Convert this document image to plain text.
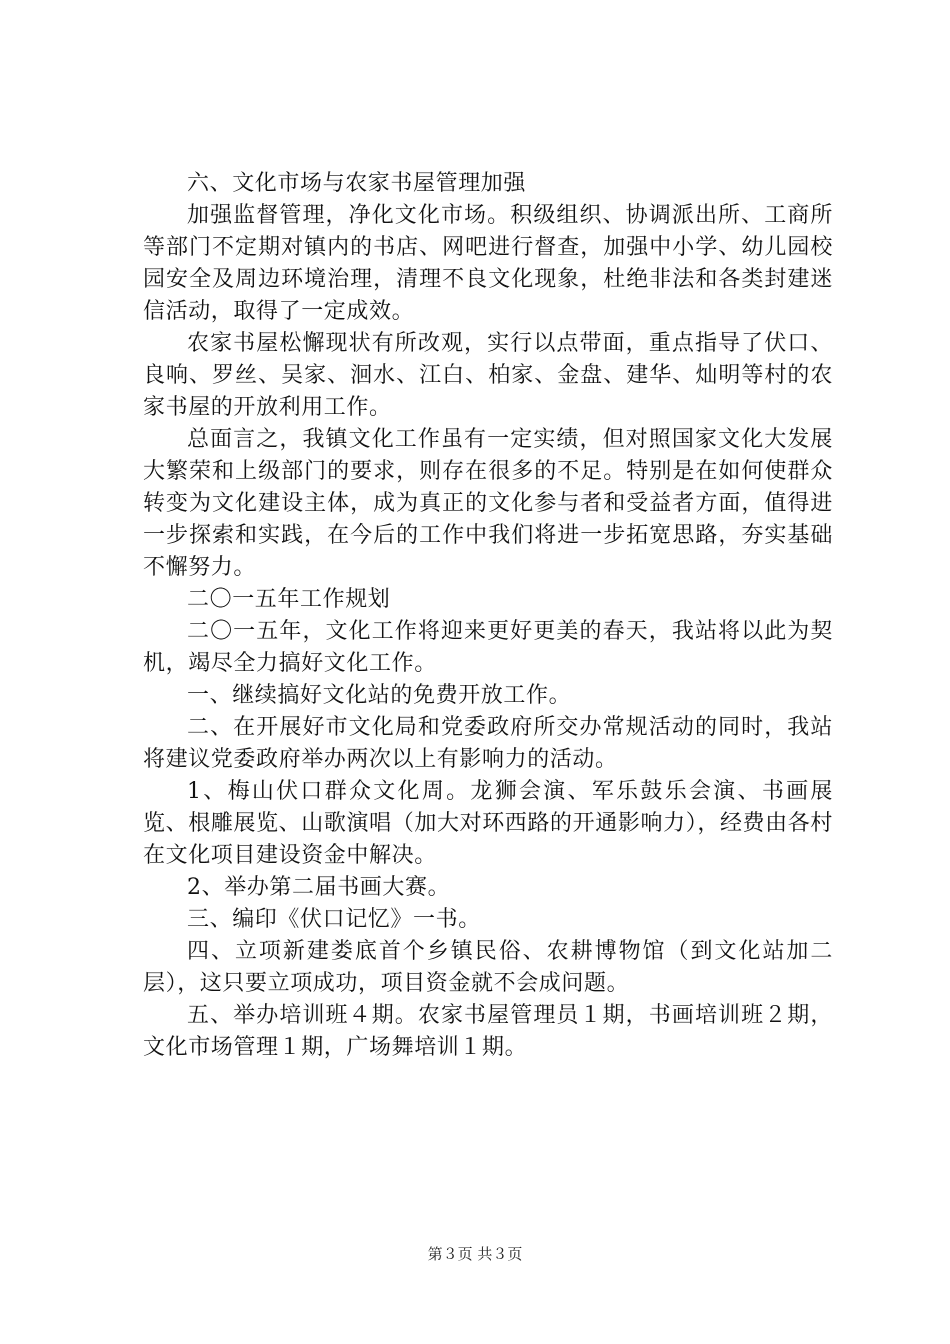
六、文化市场与农家书屋管理加强

加强监督管理，净化文化市场。积级组织、协调派出所、工商所等部门不定期对镇内的书店、网吧进行督查，加强中小学、幼儿园校园安全及周边环境治理，清理不良文化现象，杜绝非法和各类封建迷信活动，取得了一定成效。

农家书屋松懈现状有所改观，实行以点带面，重点指导了伏口、良响、罗丝、吴家、洄水、江白、柏家、金盘、建华、灿明等村的农家书屋的开放利用工作。

总面言之，我镇文化工作虽有一定实绩，但对照国家文化大发展大繁荣和上级部门的要求，则存在很多的不足。特别是在如何使群众转变为文化建设主体，成为真正的文化参与者和受益者方面，值得进一步探索和实践，在今后的工作中我们将进一步拓宽思路，夯实基础不懈努力。

二〇一五年工作规划

二〇一五年，文化工作将迎来更好更美的春天，我站将以此为契机，竭尽全力搞好文化工作。

一、继续搞好文化站的免费开放工作。

二、在开展好市文化局和党委政府所交办常规活动的同时，我站将建议党委政府举办两次以上有影响力的活动。

1、梅山伏口群众文化周。龙狮会演、军乐鼓乐会演、书画展览、根雕展览、山歌演唱（加大对环西路的开通影响力），经费由各村在文化项目建设资金中解决。

2、举办第二届书画大赛。

三、编印《伏口记忆》一书。

四、立项新建娄底首个乡镇民俗、农耕博物馆（到文化站加二层），这只要立项成功，项目资金就不会成问题。

五、举办培训班４期。农家书屋管理员１期，书画培训班２期，文化市场管理１期，广场舞培训１期。

第３页 共３页
